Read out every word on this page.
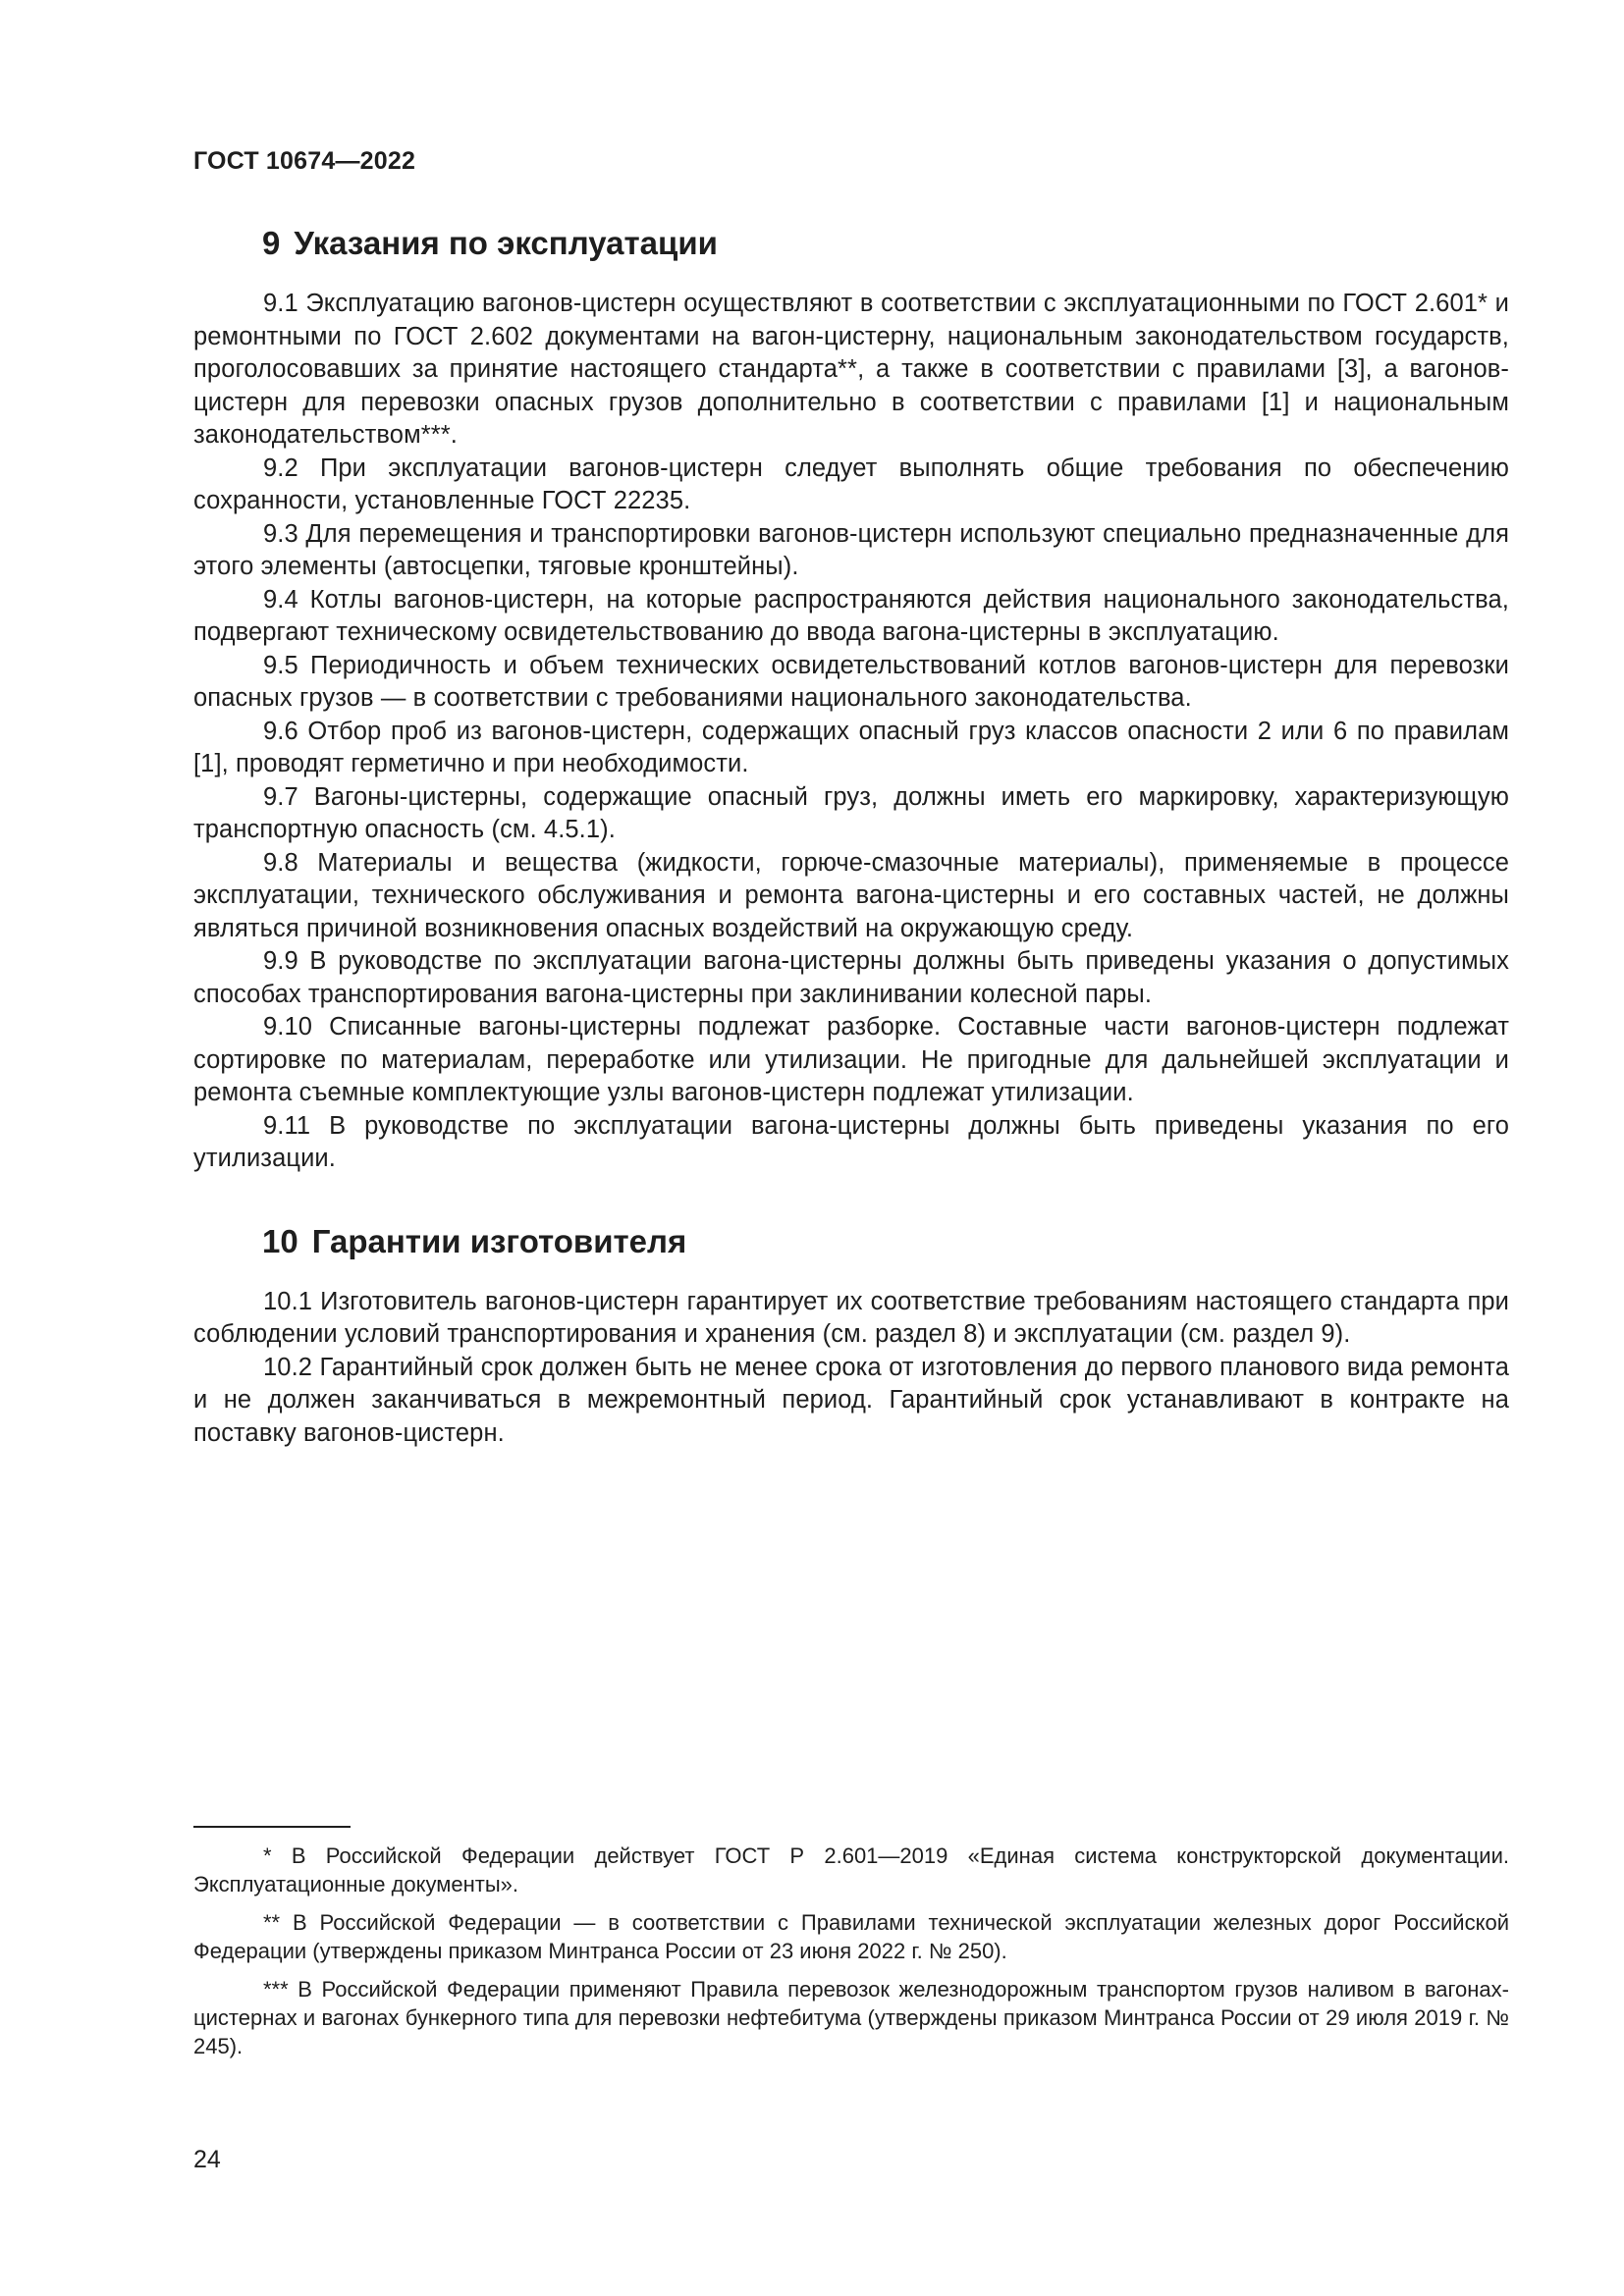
ГОСТ 10674—2022
9 Указания по эксплуатации

9.1 Эксплуатацию вагонов-цистерн осуществляют в соответствии с эксплуатационными по ГОСТ 2.601* и ремонтными по ГОСТ 2.602 документами на вагон-цистерну, национальным законодательством государств, проголосовавших за принятие настоящего стандарта**, а также в соответствии с правилами [3], а вагонов-цистерн для перевозки опасных грузов дополнительно в соответствии с правилами [1] и национальным законодательством***.

9.2 При эксплуатации вагонов-цистерн следует выполнять общие требования по обеспечению сохранности, установленные ГОСТ 22235.

9.3 Для перемещения и транспортировки вагонов-цистерн используют специально предназначенные для этого элементы (автосцепки, тяговые кронштейны).

9.4 Котлы вагонов-цистерн, на которые распространяются действия национального законодательства, подвергают техническому освидетельствованию до ввода вагона-цистерны в эксплуатацию.

9.5 Периодичность и объем технических освидетельствований котлов вагонов-цистерн для перевозки опасных грузов — в соответствии с требованиями национального законодательства.

9.6 Отбор проб из вагонов-цистерн, содержащих опасный груз классов опасности 2 или 6 по правилам [1], проводят герметично и при необходимости.

9.7 Вагоны-цистерны, содержащие опасный груз, должны иметь его маркировку, характеризующую транспортную опасность (см. 4.5.1).

9.8 Материалы и вещества (жидкости, горюче-смазочные материалы), применяемые в процессе эксплуатации, технического обслуживания и ремонта вагона-цистерны и его составных частей, не должны являться причиной возникновения опасных воздействий на окружающую среду.

9.9 В руководстве по эксплуатации вагона-цистерны должны быть приведены указания о допустимых способах транспортирования вагона-цистерны при заклинивании колесной пары.

9.10 Списанные вагоны-цистерны подлежат разборке. Составные части вагонов-цистерн подлежат сортировке по материалам, переработке или утилизации. Не пригодные для дальнейшей эксплуатации и ремонта съемные комплектующие узлы вагонов-цистерн подлежат утилизации.

9.11 В руководстве по эксплуатации вагона-цистерны должны быть приведены указания по его утилизации.

10 Гарантии изготовителя

10.1 Изготовитель вагонов-цистерн гарантирует их соответствие требованиям настоящего стандарта при соблюдении условий транспортирования и хранения (см. раздел 8) и эксплуатации (см. раздел 9).

10.2 Гарантийный срок должен быть не менее срока от изготовления до первого планового вида ремонта и не должен заканчиваться в межремонтный период. Гарантийный срок устанавливают в контракте на поставку вагонов-цистерн.

* В Российской Федерации действует ГОСТ Р 2.601—2019 «Единая система конструкторской документации. Эксплуатационные документы».

** В Российской Федерации — в соответствии с Правилами технической эксплуатации железных дорог Российской Федерации (утверждены приказом Минтранса России от 23 июня 2022 г. № 250).

*** В Российской Федерации применяют Правила перевозок железнодорожным транспортом грузов наливом в вагонах-цистернах и вагонах бункерного типа для перевозки нефтебитума (утверждены приказом Минтранса России от 29 июля 2019 г. № 245).

24
